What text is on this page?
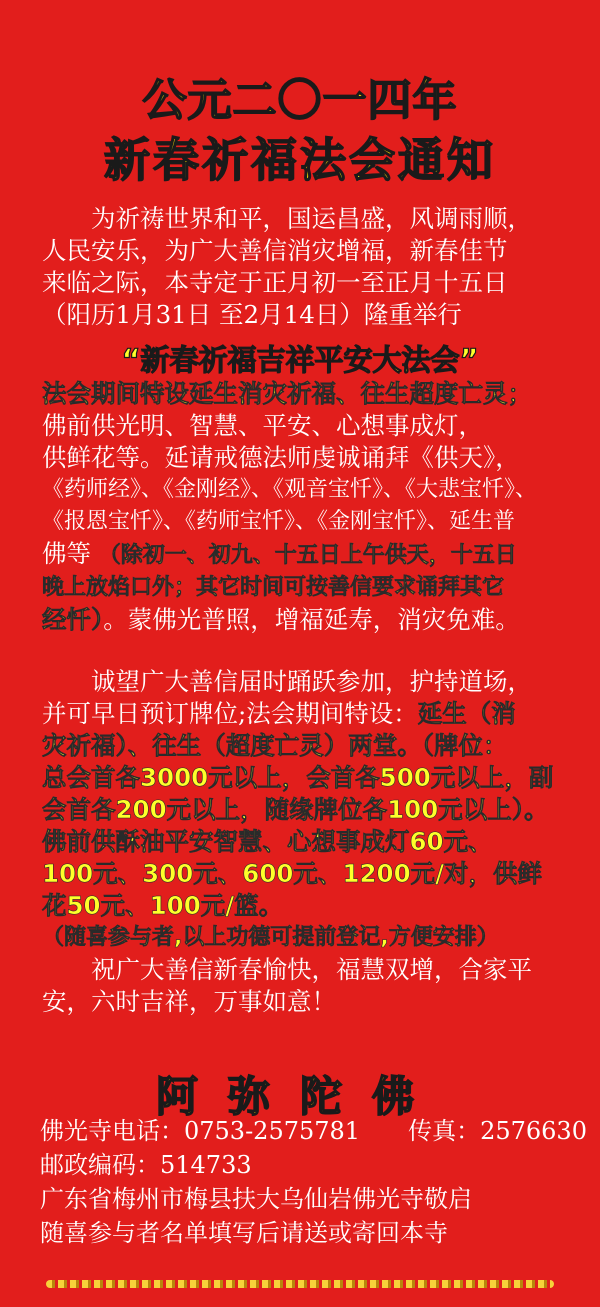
公元二〇一四年
新春祈福法会通知
　　为祈祷世界和平，国运昌盛，风调雨顺，
人民安乐，为广大善信消灾增福，新春佳节
来临之际，本寺定于正月初一至正月十五日
（阳历1月31日 至2月14日）隆重举行
“新春祈福吉祥平安大法会”
法会期间特设延生消灾祈福、往生超度亡灵；
佛前供光明、智慧、平安、心想事成灯，
供鲜花等。延请戒德法师虔诚诵拜《供天》，
《药师经》、《金刚经》、《观音宝忏》、《大悲宝忏》、
《报恩宝忏》、《药师宝忏》、《金刚宝忏》、延生普
佛等 （除初一、初九、十五日上午供天，十五日
晚上放焰口外；其它时间可按善信要求诵拜其它
经忏）。蒙佛光普照，增福延寿，消灾免难。
　　诚望广大善信届时踊跃参加，护持道场，
并可早日预订牌位;法会期间特设：延生（消
灾祈福）、往生（超度亡灵）两堂。（牌位：
总会首各3000元以上，会首各500元以上，副
会首各200元以上，随缘牌位各100元以上）。
佛前供酥油平安智慧、心想事成灯60元、
100元、300元、600元、1200元/对，供鲜
花50元、100元/篮。
（随喜参与者,以上功德可提前登记,方便安排）
　　祝广大善信新春愉快，福慧双增，合家平
安，六时吉祥，万事如意！
阿弥陀佛
佛光寺电话：0753-2575781　　传真：2576630
邮政编码：514733
广东省梅州市梅县扶大乌仙岩佛光寺敬启
随喜参与者名单填写后请送或寄回本寺
